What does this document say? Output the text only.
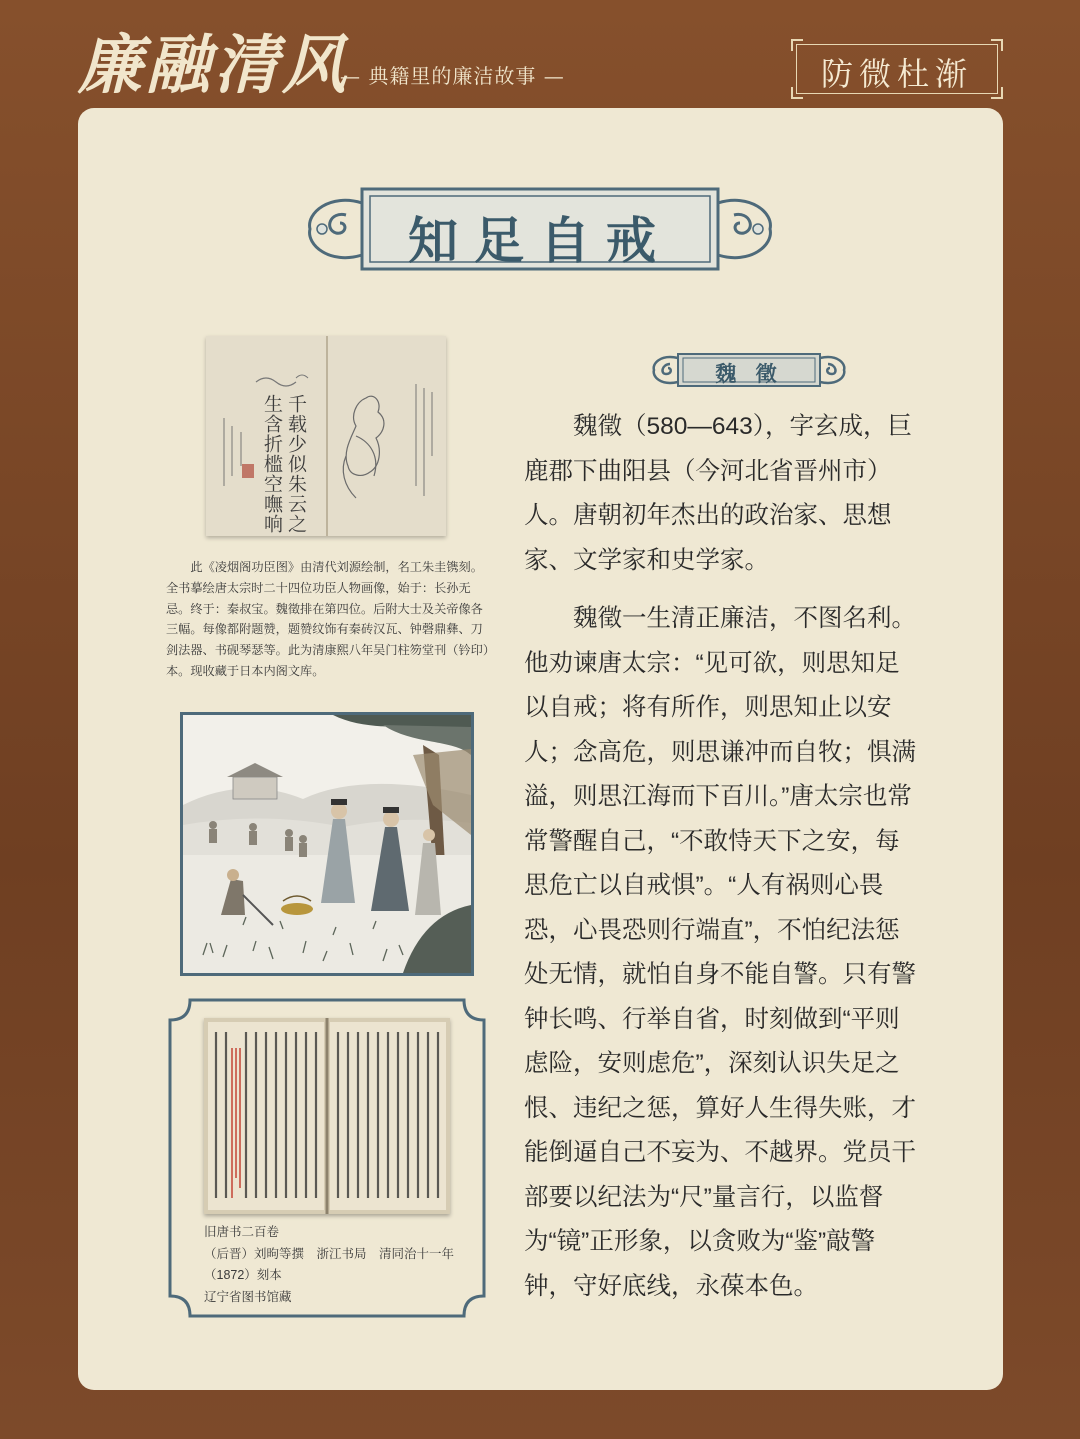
廉融清风
— 典籍里的廉洁故事 —	防微杜渐
知足自戒
魏 徵

魏徵（580—643），字玄成，巨鹿郡下曲阳县（今河北省晋州市）人。唐朝初年杰出的政治家、思想家、文学家和史学家。

魏徵一生清正廉洁，不图名利。他劝谏唐太宗：“见可欲，则思知足以自戒；将有所作，则思知止以安人；念高危，则思谦冲而自牧；惧满溢，则思江海而下百川。”唐太宗也常常警醒自己，“不敢恃天下之安，每思危亡以自戒惧”。“人有祸则心畏恐，心畏恐则行端直”，不怕纪法惩处无情，就怕自身不能自警。只有警钟长鸣、行举自省，时刻做到“平则虑险，安则虑危”，深刻认识失足之恨、违纪之惩，算好人生得失账，才能倒逼自己不妄为、不越界。党员干部要以纪法为“尺”量言行，以监督为“镜”正形象，以贪败为“鉴”敲警钟，守好底线，永葆本色。

千载少似朱云之
生含折槛空嘸响
此《凌烟阁功臣图》由清代刘源绘制，名工朱圭镌刻。全书摹绘唐太宗时二十四位功臣人物画像，始于：长孙无忌。终于：秦叔宝。魏徵排在第四位。后附大士及关帝像各三幅。每像都附题赞，题赞纹饰有秦砖汉瓦、钟磬鼎彝、刀剑法器、书砚琴瑟等。此为清康熙八年吴门柱笏堂刊（钤印）本。现收藏于日本内阁文库。
旧唐书二百卷
（后晋）刘昫等撰　浙江书局　清同治十一年
（1872）刻本
辽宁省图书馆藏
